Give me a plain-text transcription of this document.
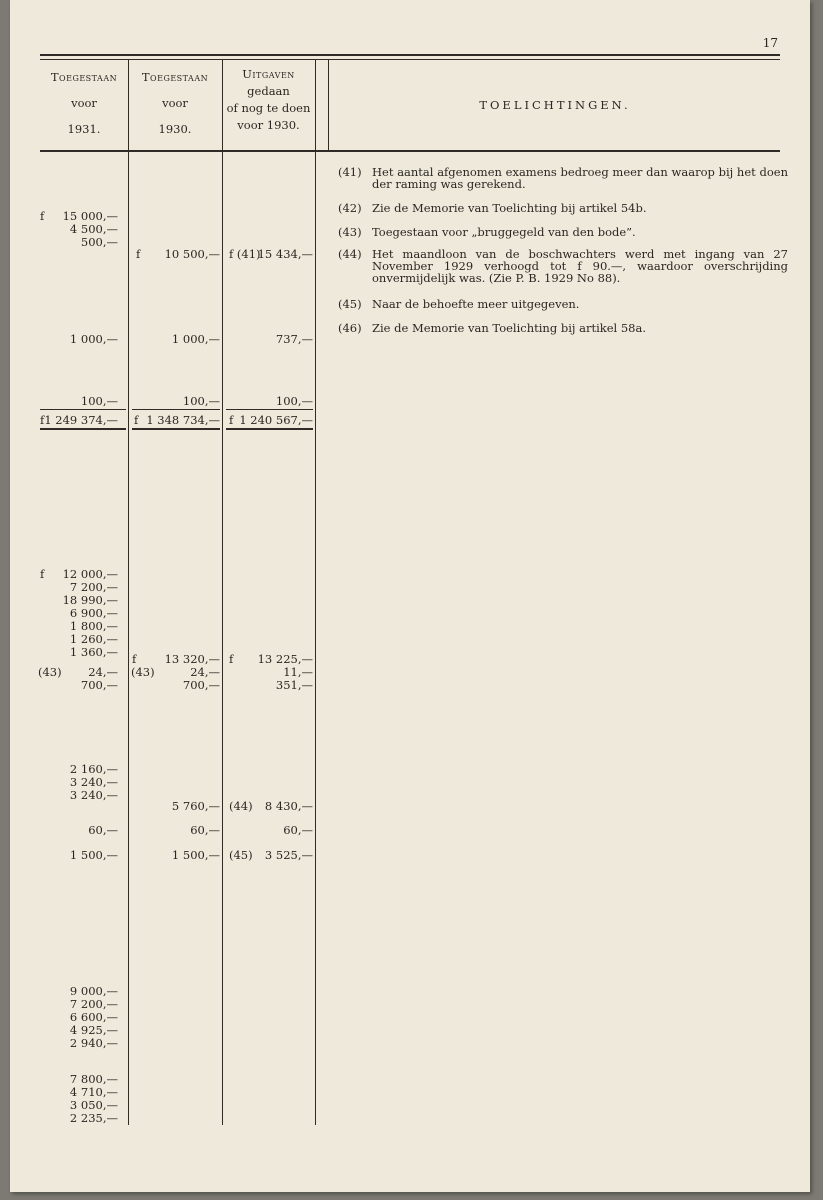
17
Toegestaan
voor
1931.
Toegestaan
voor
1930.
Uitgaven
gedaan
of nog te doen
voor 1930.
TOELICHTINGEN.
f 15 000,—
4 500,—
500,—
1 000,—
100,—
f 1 249 374,—
f 12 000,—
7 200,—
18 990,—
6 900,—
1 800,—
1 260,—
1 360,—
(43) 24,—
700,—
2 160,—
3 240,—
3 240,—
60,—
1 500,—
9 000,—
7 200,—
6 600,—
4 925,—
2 940,—
7 800,—
4 710,—
3 050,—
2 235,—
f 10 500,—
1 000,—
100,—
f 1 348 734,—
f 13 320,—
(43)	24,—
700,—
5 760,—
60,—
1 500,—
f (41)
15 434,—
737,—
100,—
f 1 240 567,—
f 13 225,—
11,—
351,—
(44) 8 430,—
60,—
(45) 3 525,—
(41) Het aantal afgenomen examens bedroeg meer dan waarop bij het doen der raming was gerekend.
(42) Zie de Memorie van Toelichting bij artikel 54b.
(43) Toegestaan voor „bruggegeld van den bode”.
(44) Het maandloon van de boschwachters werd met ingang van 27 November 1929 verhoogd tot f 90.—, waardoor overschrijding onvermijdelijk was. (Zie P. B. 1929 No 88).
(45) Naar de behoefte meer uitgegeven.
(46) Zie de Memorie van Toelichting bij artikel 58a.
